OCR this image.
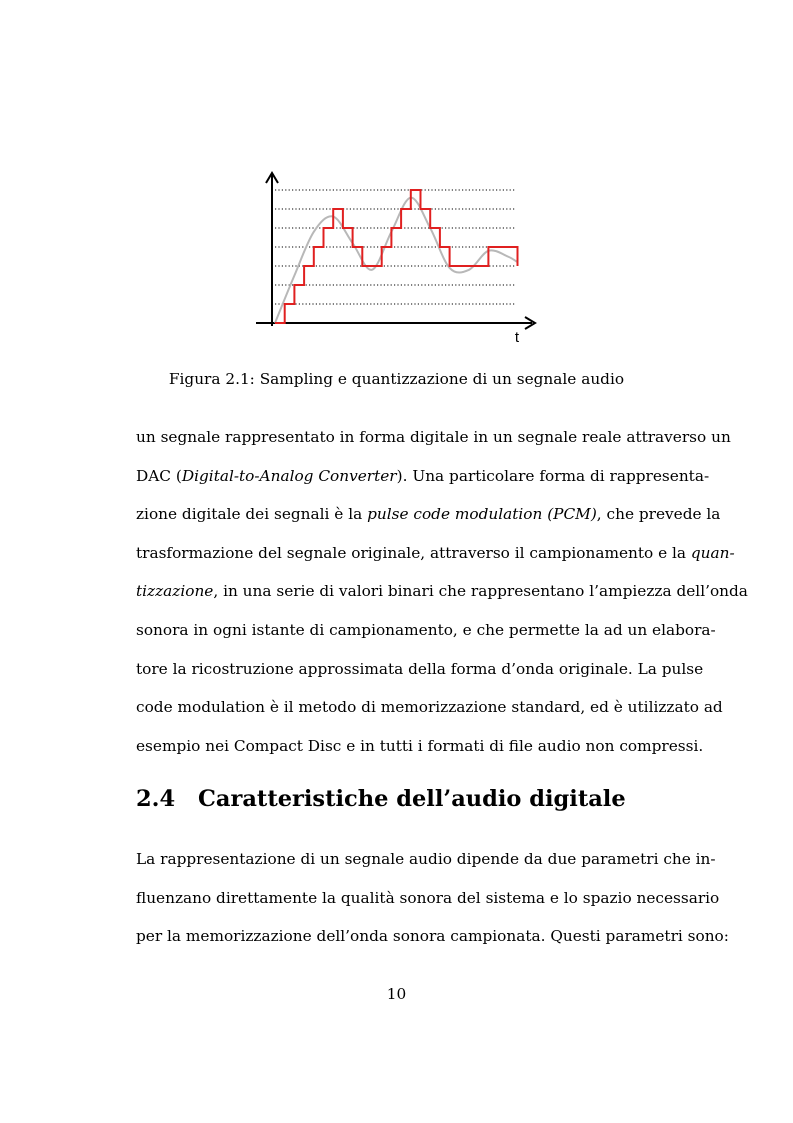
t
Figura 2.1: Sampling e quantizzazione di un segnale audio
un segnale rappresentato in forma digitale in un segnale reale attraverso un
DAC (Digital-to-Analog Converter). Una particolare forma di rappresenta-
zione digitale dei segnali è la pulse code modulation (PCM), che prevede la
trasformazione del segnale originale, attraverso il campionamento e la quan-
tizzazione, in una serie di valori binari che rappresentano l’ampiezza dell’onda
sonora in ogni istante di campionamento, e che permette la ad un elabora-
tore la ricostruzione approssimata della forma d’onda originale. La pulse
code modulation è il metodo di memorizzazione standard, ed è utilizzato ad
esempio nei Compact Disc e in tutti i formati di file audio non compressi.
2.4 Caratteristiche dell’audio digitale
La rappresentazione di un segnale audio dipende da due parametri che in-
fluenzano direttamente la qualità sonora del sistema e lo spazio necessario
per la memorizzazione dell’onda sonora campionata. Questi parametri sono:
10
